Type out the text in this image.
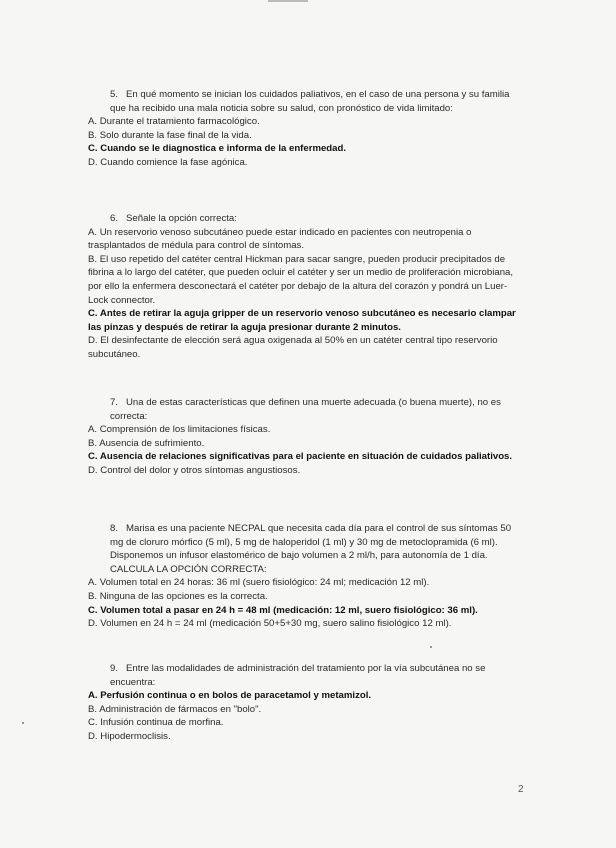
5. En qué momento se inician los cuidados paliativos, en el caso de una persona y su familia que ha recibido una mala noticia sobre su salud, con pronóstico de vida limitado:

A. Durante el tratamiento farmacológico.

B. Solo durante la fase final de la vida.

C. Cuando se le diagnostica e informa de la enfermedad.

D. Cuando comience la fase agónica.

6. Señale la opción correcta:

A. Un reservorio venoso subcutáneo puede estar indicado en pacientes con neutropenia o trasplantados de médula para control de síntomas.

B. El uso repetido del catéter central Hickman para sacar sangre, pueden producir precipitados de fibrina a lo largo del catéter, que pueden ocluir el catéter y ser un medio de proliferación microbiana, por ello la enfermera desconectará el catéter por debajo de la altura del corazón y pondrá un Luer-Lock connector.

C. Antes de retirar la aguja gripper de un reservorio venoso subcutáneo es necesario clampar las pinzas y después de retirar la aguja presionar durante 2 minutos.

D. El desinfectante de elección será agua oxigenada al 50% en un catéter central tipo reservorio subcutáneo.

7. Una de estas características que definen una muerte adecuada (o buena muerte), no es correcta:

A. Comprensión de los limitaciones físicas.

B. Ausencia de sufrimiento.

C. Ausencia de relaciones significativas para el paciente en situación de cuidados paliativos.

D. Control del dolor y otros síntomas angustiosos.

8. Marisa es una paciente NECPAL que necesita cada día para el control de sus síntomas 50 mg de cloruro mórfico (5 ml), 5 mg de haloperidol (1 ml) y 30 mg de metoclopramida (6 ml). Disponemos un infusor elastomérico de bajo volumen a 2 ml/h, para autonomía de 1 día. CALCULA LA OPCIÓN CORRECTA:

A. Volumen total en 24 horas: 36 ml (suero fisiológico: 24 ml; medicación 12 ml).

B. Ninguna de las opciones es la correcta.

C. Volumen total a pasar en 24 h = 48 ml (medicación: 12 ml, suero fisiológico: 36 ml).

D. Volumen en 24 h = 24 ml (medicación 50+5+30 mg, suero salino fisiológico 12 ml).

9. Entre las modalidades de administración del tratamiento por la vía subcutánea no se encuentra:

A. Perfusión continua o en bolos de paracetamol y metamizol.

B. Administración de fármacos en "bolo".

C. Infusión continua de morfina.

D. Hipodermoclisis.

2
